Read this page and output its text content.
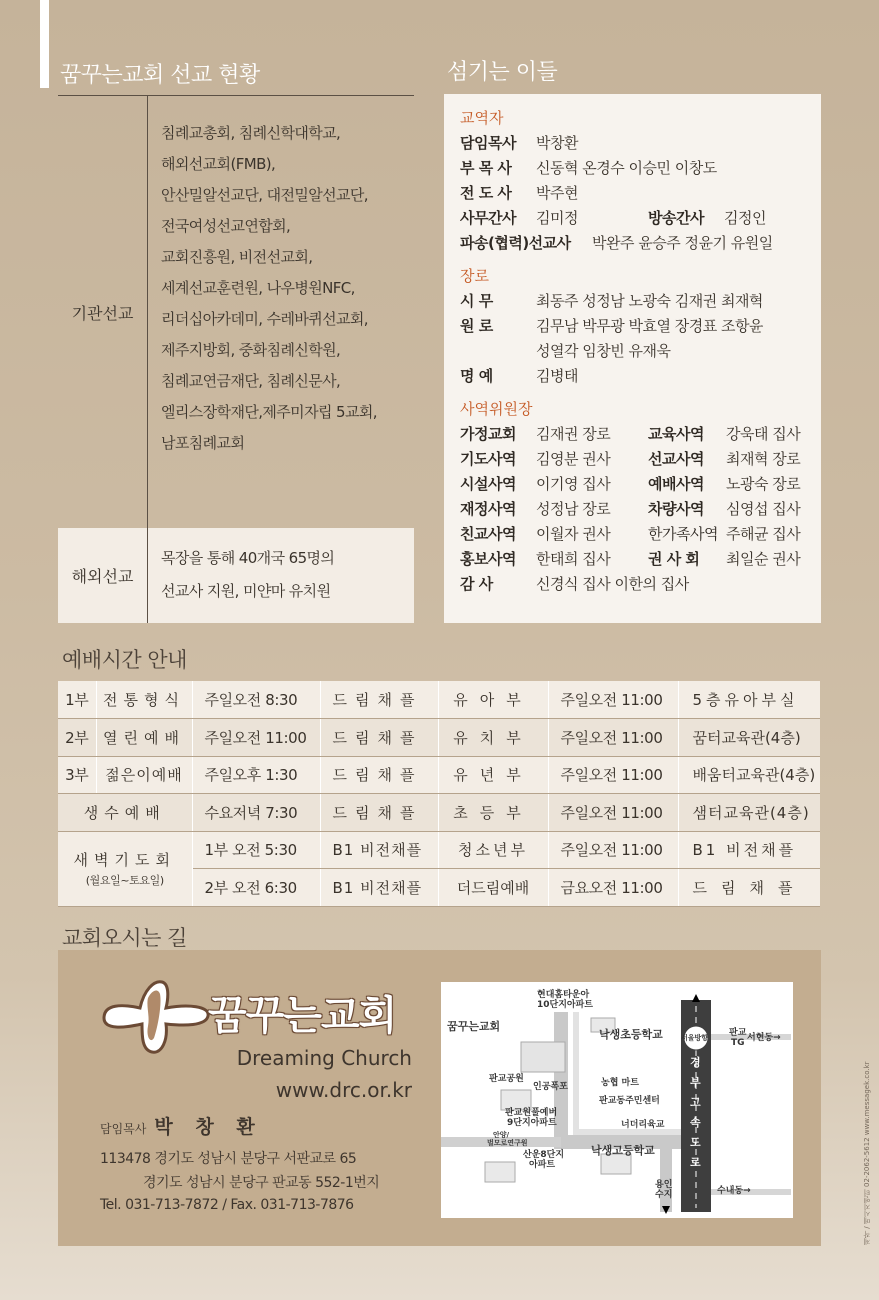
꿈꾸는교회 선교 현황
기관선교
침례교총회, 침례신학대학교,
해외선교회(FMB),
안산밀알선교단, 대전밀알선교단,
전국여성선교연합회,
교회진흥원, 비전선교회,
세계선교훈련원, 나우병원NFC,
리더십아카데미, 수레바퀴선교회,
제주지방회, 중화침례신학원,
침례교연금재단, 침례신문사,
엘리스장학재단,제주미자립 5교회,
남포침례교회
해외선교
목장을 통해 40개국 65명의
선교사 지원, 미얀마 유치원
섬기는 이들
교역자
담임목사	박창환
부 목 사	신동혁 온경수 이승민 이창도
전 도 사	박주현
사무간사	김미정	방송간사	김정인
파송(협력)선교사	박완주 윤승주 정윤기 유원일
장로
시 무	최동주 성정남 노광숙 김재권 최재혁
원 로	김무남 박무광 박효열 장경표 조항윤
성열각 임창빈 유재욱
명 예	김병태
사역위원장
가정교회	김재권 장로	교육사역	강욱태 집사
기도사역	김영분 권사	선교사역	최재혁 장로
시설사역	이기영 집사	예배사역	노광숙 장로
재정사역	성정남 장로	차량사역	심영섭 집사
친교사역	이월자 권사	한가족사역 주해균 집사
홍보사역	한태희 집사	권 사 회	최일순 권사
감 사	신경식 집사 이한의 집사
예배시간 안내
1부	전통형식	주일오전 8:30	드림채플	유아부	주일오전 11:00	5층유아부실
2부	열린예배	주일오전 11:00	드림채플	유치부	주일오전 11:00	꿈터교육관(4층)
3부	젊은이예배	주일오후 1:30	드림채플	유년부	주일오전 11:00	배움터교육관(4층)
생수예배		수요저녁 7:30	드림채플	초등부	주일오전 11:00	샘터교육관(4층)

새벽기도회
(월요일~토요일)		1부 오전 5:30	B1 비전채플	청소년부	주일오전 11:00	B1 비전채플
		2부 오전 6:30	B1 비전채플	더드림예배	금요오전 11:00	드림채플
교회오시는 길
꿈꾸는교회
Dreaming Church
www.drc.or.kr
담임목사 박 창 환
113478 경기도 성남시 분당구 서판교로 65
경기도 성남시 분당구 판교동 552-1번지
Tel. 031-713-7872 / Fax. 031-713-7876
현대홈타운아
10단지아파트
꿈꾸는교회
낙생초등학교	서울방향 판교
TG 서현동→
판교공원
인공폭포	농협 마트
판교동주민센터
판교원풀예버
9단지아파트	너더리육교
안양/
벌모로연구원
산운8단지
아파트
낙생고등학교
용인
수지	수내동→
경
부
고
속
도
로	제작 / 메시지엔터 02-2062-5612 www.messagek.co.kr
